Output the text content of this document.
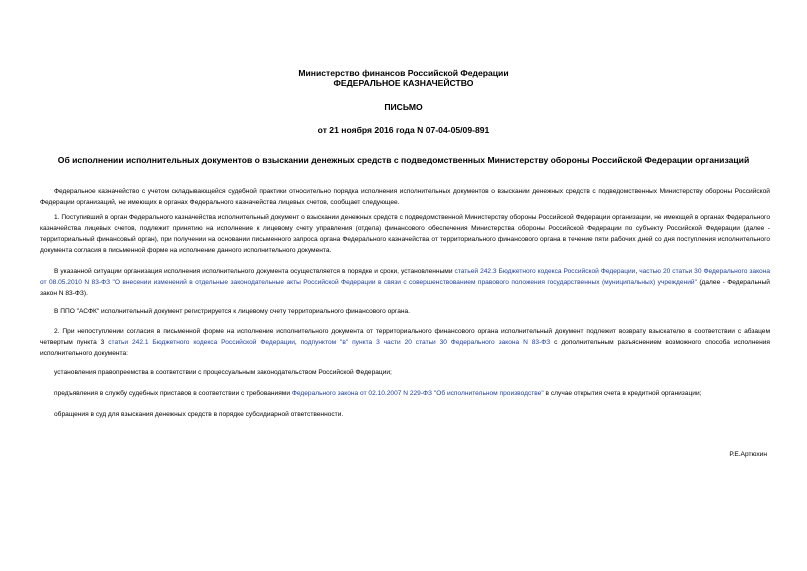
Министерство финансов Российской Федерации
ФЕДЕРАЛЬНОЕ КАЗНАЧЕЙСТВО
ПИСЬМО
от 21 ноября 2016 года N 07-04-05/09-891
Об исполнении исполнительных документов о взыскании денежных средств с подведомственных Министерству обороны Российской Федерации организаций

Федеральное казначейство с учетом складывающейся судебной практики относительно порядка исполнения исполнительных документов о взыскании денежных средств с подведомственных Министерству обороны Российской Федерации организаций, не имеющих в органах Федерального казначейства лицевых счетов, сообщает следующее.

1. Поступивший в орган Федерального казначейства исполнительный документ о взыскании денежных средств с подведомственной Министерству обороны Российской Федерации организации, не имеющей в органах Федерального казначейства лицевых счетов, подлежит принятию на исполнение к лицевому счету управления (отдела) финансового обеспечения Министерства обороны Российской Федерации по субъекту Российской Федерации (далее - территориальный финансовый орган), при получении на основании письменного запроса органа Федерального казначейства от территориального финансового органа в течение пяти рабочих дней со дня поступления исполнительного документа согласия в письменной форме на исполнение данного исполнительного документа.

В указанной ситуации организация исполнения исполнительного документа осуществляется в порядке и сроки, установленными статьей 242.3 Бюджетного кодекса Российской Федерации, частью 20 статьи 30 Федерального закона от 08.05.2010 N 83-ФЗ "О внесении изменений в отдельные законодательные акты Российской Федерации в связи с совершенствованием правового положения государственных (муниципальных) учреждений" (далее - Федеральный закон N 83-ФЗ).

В ППО "АСФК" исполнительный документ регистрируется к лицевому счету территориального финансового органа.

2. При непоступлении согласия в письменной форме на исполнение исполнительного документа от территориального финансового органа исполнительный документ подлежит возврату взыскателю в соответствии с абзацем четвертым пункта 3 статьи 242.1 Бюджетного кодекса Российской Федерации, подпунктом "в" пункта 3 части 20 статьи 30 Федерального закона N 83-ФЗ с дополнительным разъяснением возможного способа исполнения исполнительного документа:

установления правопреемства в соответствии с процессуальным законодательством Российской Федерации;

предъявления в службу судебных приставов в соответствии с требованиями Федерального закона от 02.10.2007 N 229-ФЗ "Об исполнительном производстве" в случае открытия счета в кредитной организации;

обращения в суд для взыскания денежных средств в порядке субсидиарной ответственности.

Р.Е.Артюхин
